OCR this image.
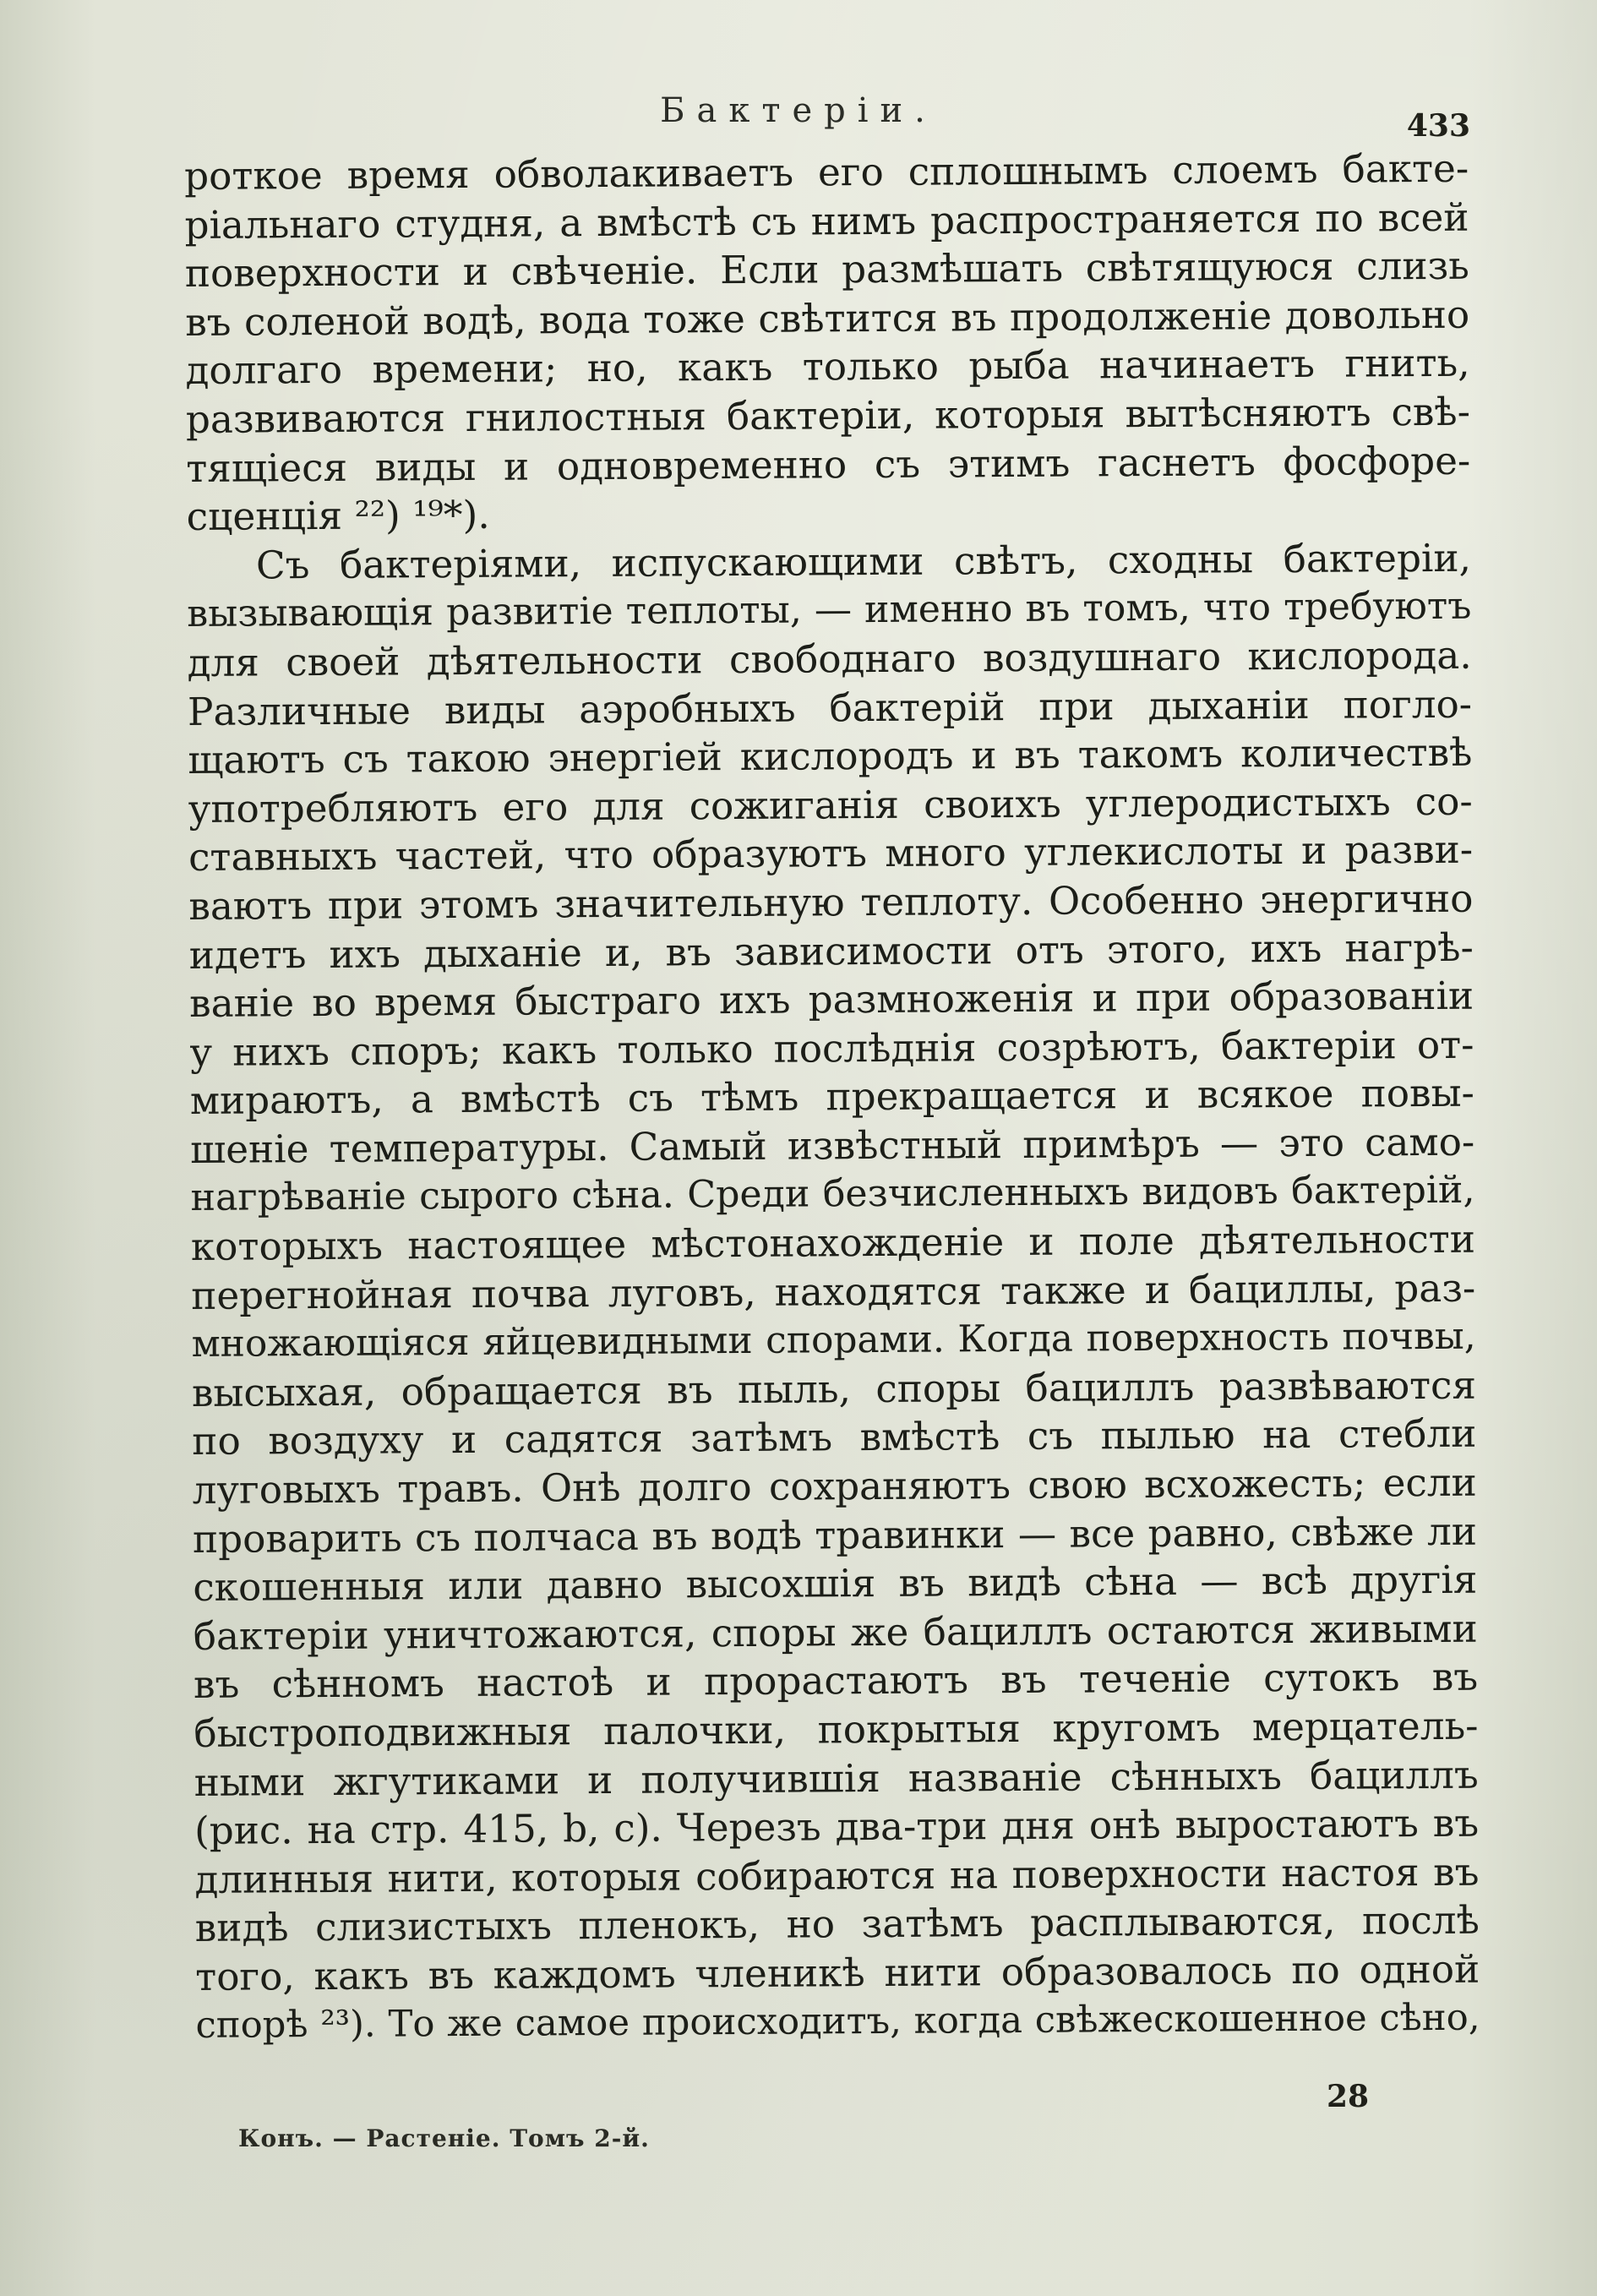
Бактеріи.	433
роткое время обволакиваетъ его сплошнымъ слоемъ бакте-
ріальнаго студня, а вмѣстѣ съ нимъ распространяется по всей
поверхности и свѣченіе. Если размѣшать свѣтящуюся слизь
въ соленой водѣ, вода тоже свѣтится въ продолженіе довольно
долгаго времени; но, какъ только рыба начинаетъ гнить,
развиваются гнилостныя бактеріи, которыя вытѣсняютъ свѣ-
тящіеся виды и одновременно съ этимъ гаснетъ фосфоре-
сценція ²²) ¹⁹*).
Съ бактеріями, испускающими свѣтъ, сходны бактеріи,
вызывающія развитіе теплоты, — именно въ томъ, что требуютъ
для своей дѣятельности свободнаго воздушнаго кислорода.
Различные виды аэробныхъ бактерій при дыханіи погло-
щаютъ съ такою энергіей кислородъ и въ такомъ количествѣ
употребляютъ его для сожиганія своихъ углеродистыхъ со-
ставныхъ частей, что образуютъ много углекислоты и разви-
ваютъ при этомъ значительную теплоту. Особенно энергично
идетъ ихъ дыханіе и, въ зависимости отъ этого, ихъ нагрѣ-
ваніе во время быстраго ихъ размноженія и при образованіи
у нихъ споръ; какъ только послѣднія созрѣютъ, бактеріи от-
мираютъ, а вмѣстѣ съ тѣмъ прекращается и всякое повы-
шеніе температуры. Самый извѣстный примѣръ — это само-
нагрѣваніе сырого сѣна. Среди безчисленныхъ видовъ бактерій,
которыхъ настоящее мѣстонахожденіе и поле дѣятельности
перегнойная почва луговъ, находятся также и бациллы, раз-
множающіяся яйцевидными спорами. Когда поверхность почвы,
высыхая, обращается въ пыль, споры бациллъ развѣваются
по воздуху и садятся затѣмъ вмѣстѣ съ пылью на стебли
луговыхъ травъ. Онѣ долго сохраняютъ свою всхожесть; если
проварить съ полчаса въ водѣ травинки — все равно, свѣже ли
скошенныя или давно высохшія въ видѣ сѣна — всѣ другія
бактеріи уничтожаются, споры же бациллъ остаются живыми
въ сѣнномъ настоѣ и прорастаютъ въ теченіе сутокъ въ
быстроподвижныя палочки, покрытыя кругомъ мерцатель-
ными жгутиками и получившія названіе сѣнныхъ бациллъ
(рис. на стр. 415, b, c). Черезъ два-три дня онѣ выростаютъ въ
длинныя нити, которыя собираются на поверхности настоя въ
видѣ слизистыхъ пленокъ, но затѣмъ расплываются, послѣ
того, какъ въ каждомъ членикѣ нити образовалось по одной
спорѣ ²³). То же самое происходитъ, когда свѣжескошенное сѣно,
28
Конъ. — Растеніе. Томъ 2-й.
